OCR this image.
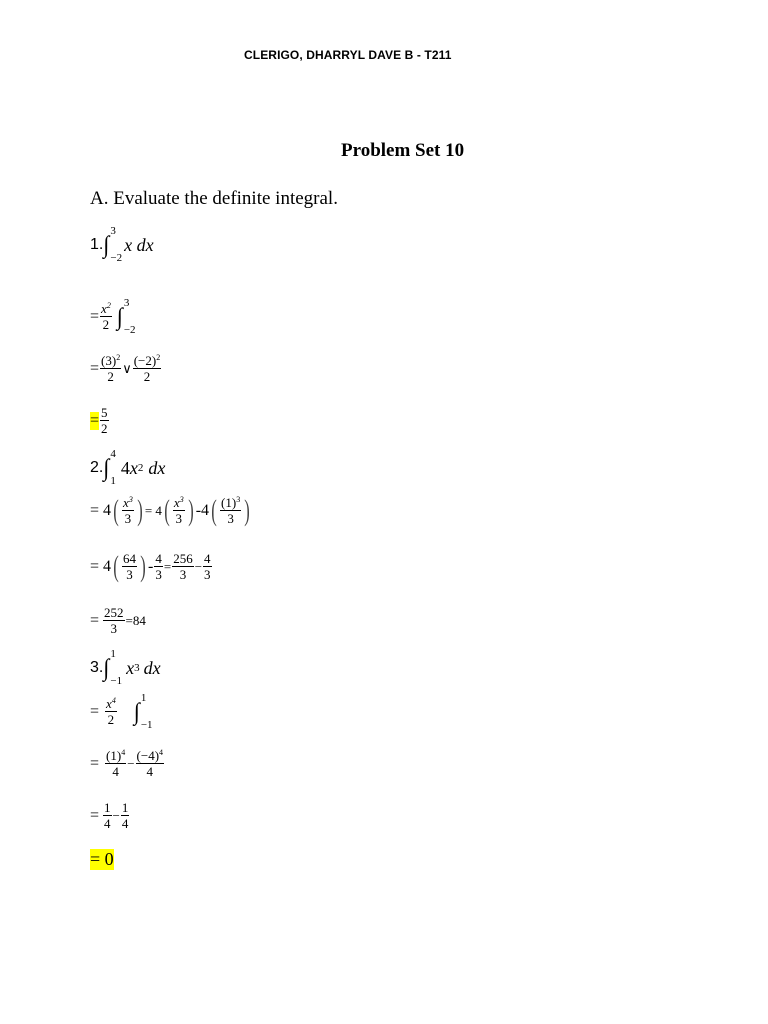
CLERIGO, DHARRYL DAVE B - T211
Problem Set 10
A. Evaluate the definite integral.
1. ∫ 3
−2
x dx
= $\frac{x^2}{2}$ ∫ 3
−2
= $\frac{(3)^2}{2}$ ∨ $\frac{(-2)^2}{2}$
= $\frac{5}{2}$
2. ∫ 4
1
4 x 2 dx
= 4 ( $\frac{x^3}{3}$ ) = 4 ( $\frac{x^3}{3}$ ) -4 ( $\frac{(1)^3}{3}$ )
= 4 ( $\frac{64}{3}$ ) - $\frac{4}{3} = \frac{256}{3} - \frac{4}{3}$
= $\frac{252}{3} =84$
3. ∫ 1
−1
x 3 dx
= $\frac{x^4}{2}$ ∫ 1
−1
= $\frac{(1)^4}{4} - \frac{(-4)^4}{4}$
= $\frac{1}{4} - \frac{1}{4}$
= 0
